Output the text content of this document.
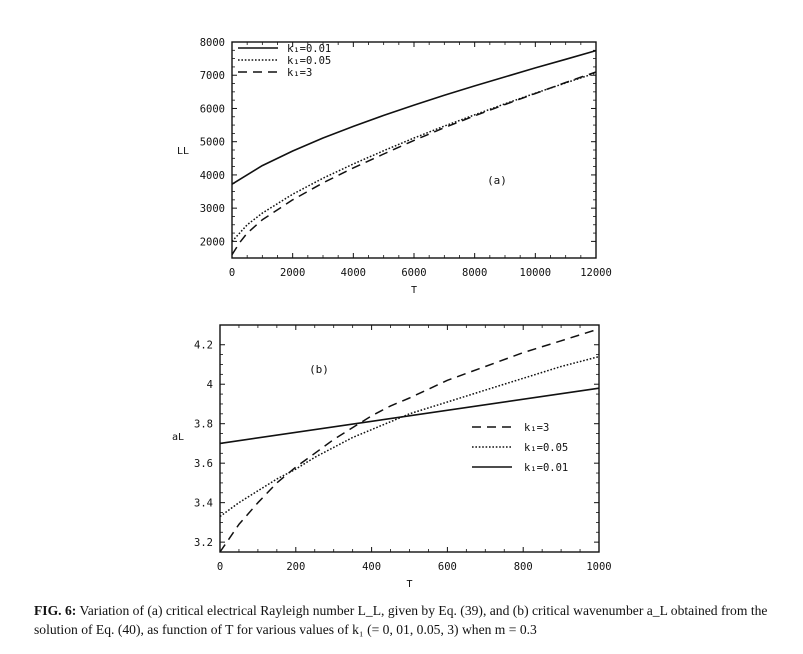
0	2000	4000	6000	8000	10000	12000
2000
3000
4000
5000
6000
7000
8000
T
LL
(a)
k₁=0.01
k₁=0.05
k₁=3
0	200	400	600	800	1000
3.2
3.4
3.6
3.8
4
4.2
T
aL
(b)
k₁=3
k₁=0.05
k₁=0.01
FIG. 6: Variation of (a) critical electrical Rayleigh number L_L, given by Eq. (39), and (b) critical wavenumber a_L obtained from the solution of Eq. (40), as function of T for various values of k₁ (= 0, 01, 0.05, 3) when m = 0.3
